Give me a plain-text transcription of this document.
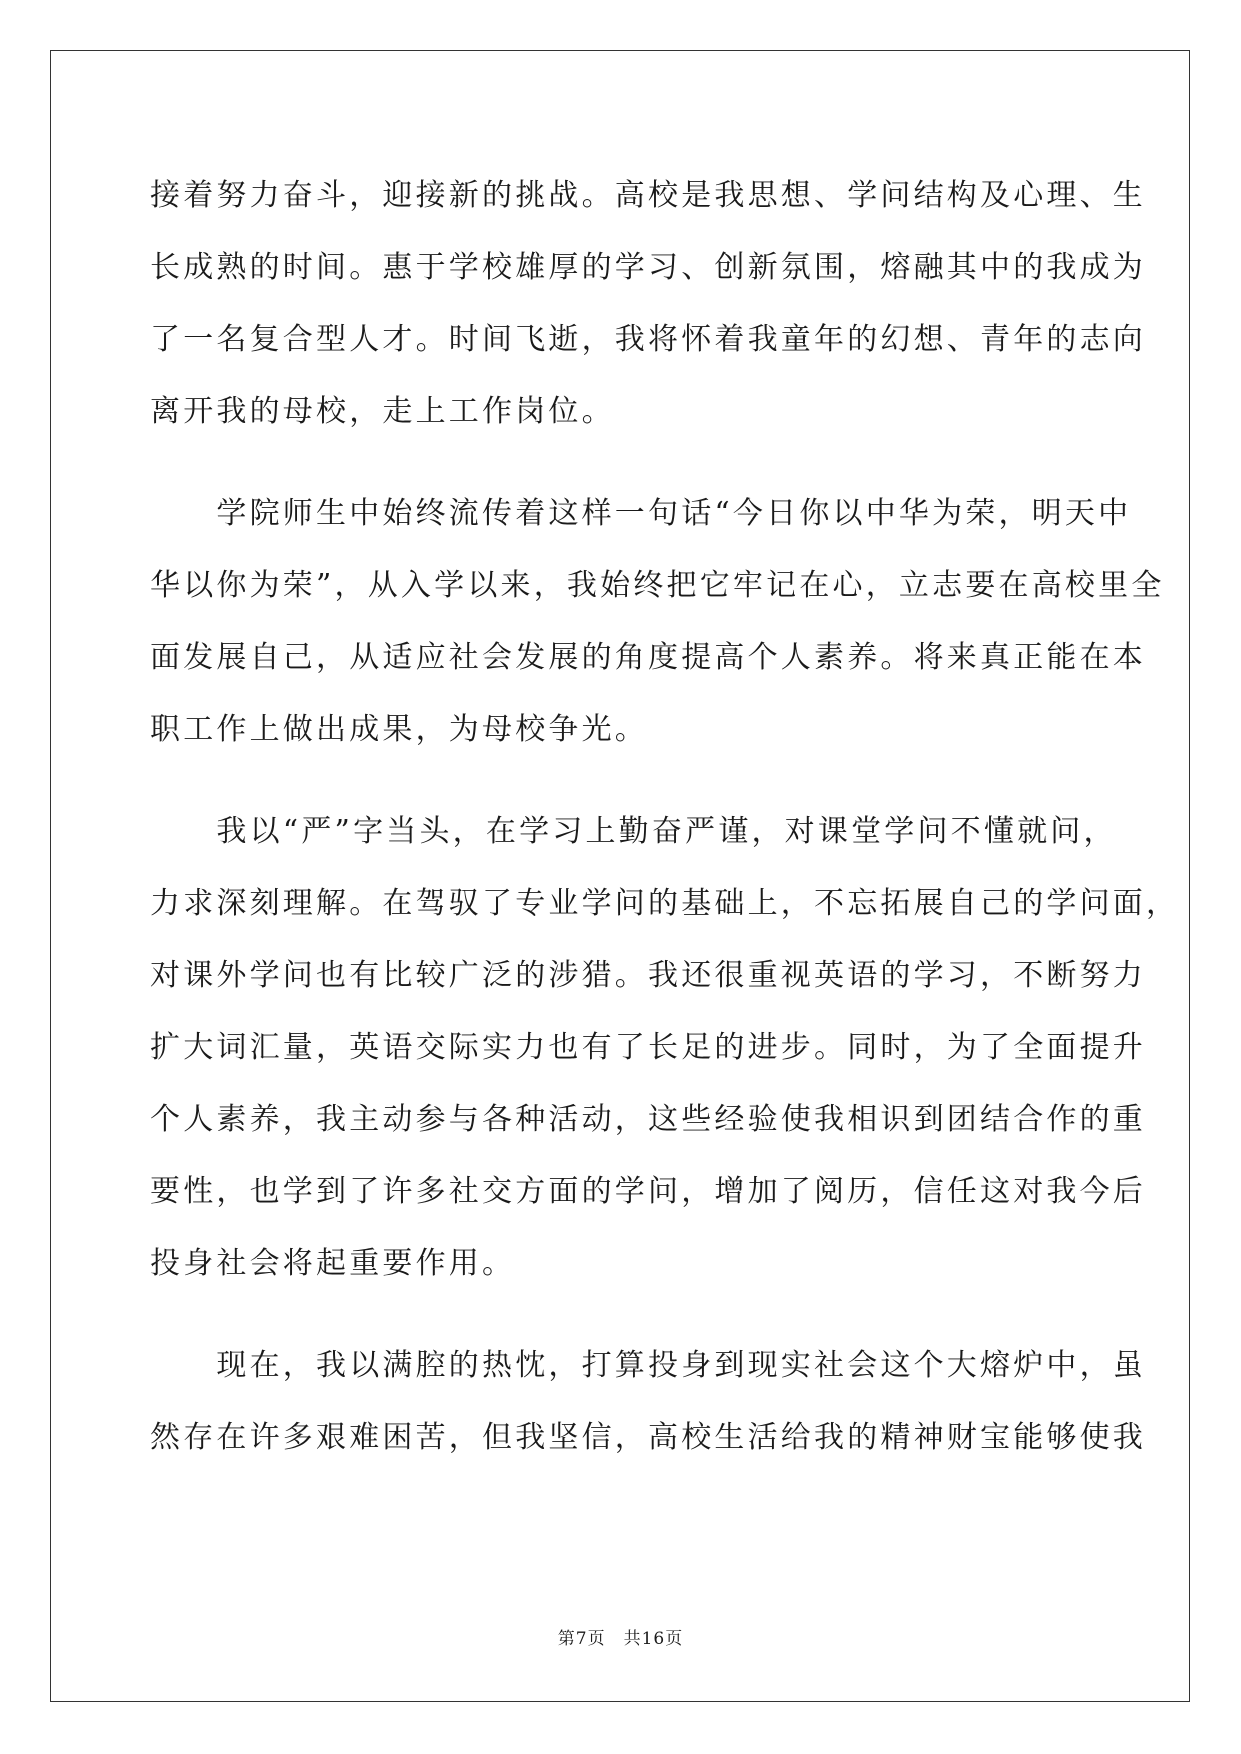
接着努力奋斗，迎接新的挑战。高校是我思想、学问结构及心理、生
长成熟的时间。惠于学校雄厚的学习、创新氛围，熔融其中的我成为
了一名复合型人才。时间飞逝，我将怀着我童年的幻想、青年的志向
离开我的母校，走上工作岗位。
　　学院师生中始终流传着这样一句话“今日你以中华为荣，明天中
华以你为荣”，从入学以来，我始终把它牢记在心，立志要在高校里全
面发展自己，从适应社会发展的角度提高个人素养。将来真正能在本
职工作上做出成果，为母校争光。
　　我以“严”字当头，在学习上勤奋严谨，对课堂学问不懂就问，
力求深刻理解。在驾驭了专业学问的基础上，不忘拓展自己的学问面，
对课外学问也有比较广泛的涉猎。我还很重视英语的学习，不断努力
扩大词汇量，英语交际实力也有了长足的进步。同时，为了全面提升
个人素养，我主动参与各种活动，这些经验使我相识到团结合作的重
要性，也学到了许多社交方面的学问，增加了阅历，信任这对我今后
投身社会将起重要作用。
　　现在，我以满腔的热忱，打算投身到现实社会这个大熔炉中，虽
然存在许多艰难困苦，但我坚信，高校生活给我的精神财宝能够使我
第7页 共16页
